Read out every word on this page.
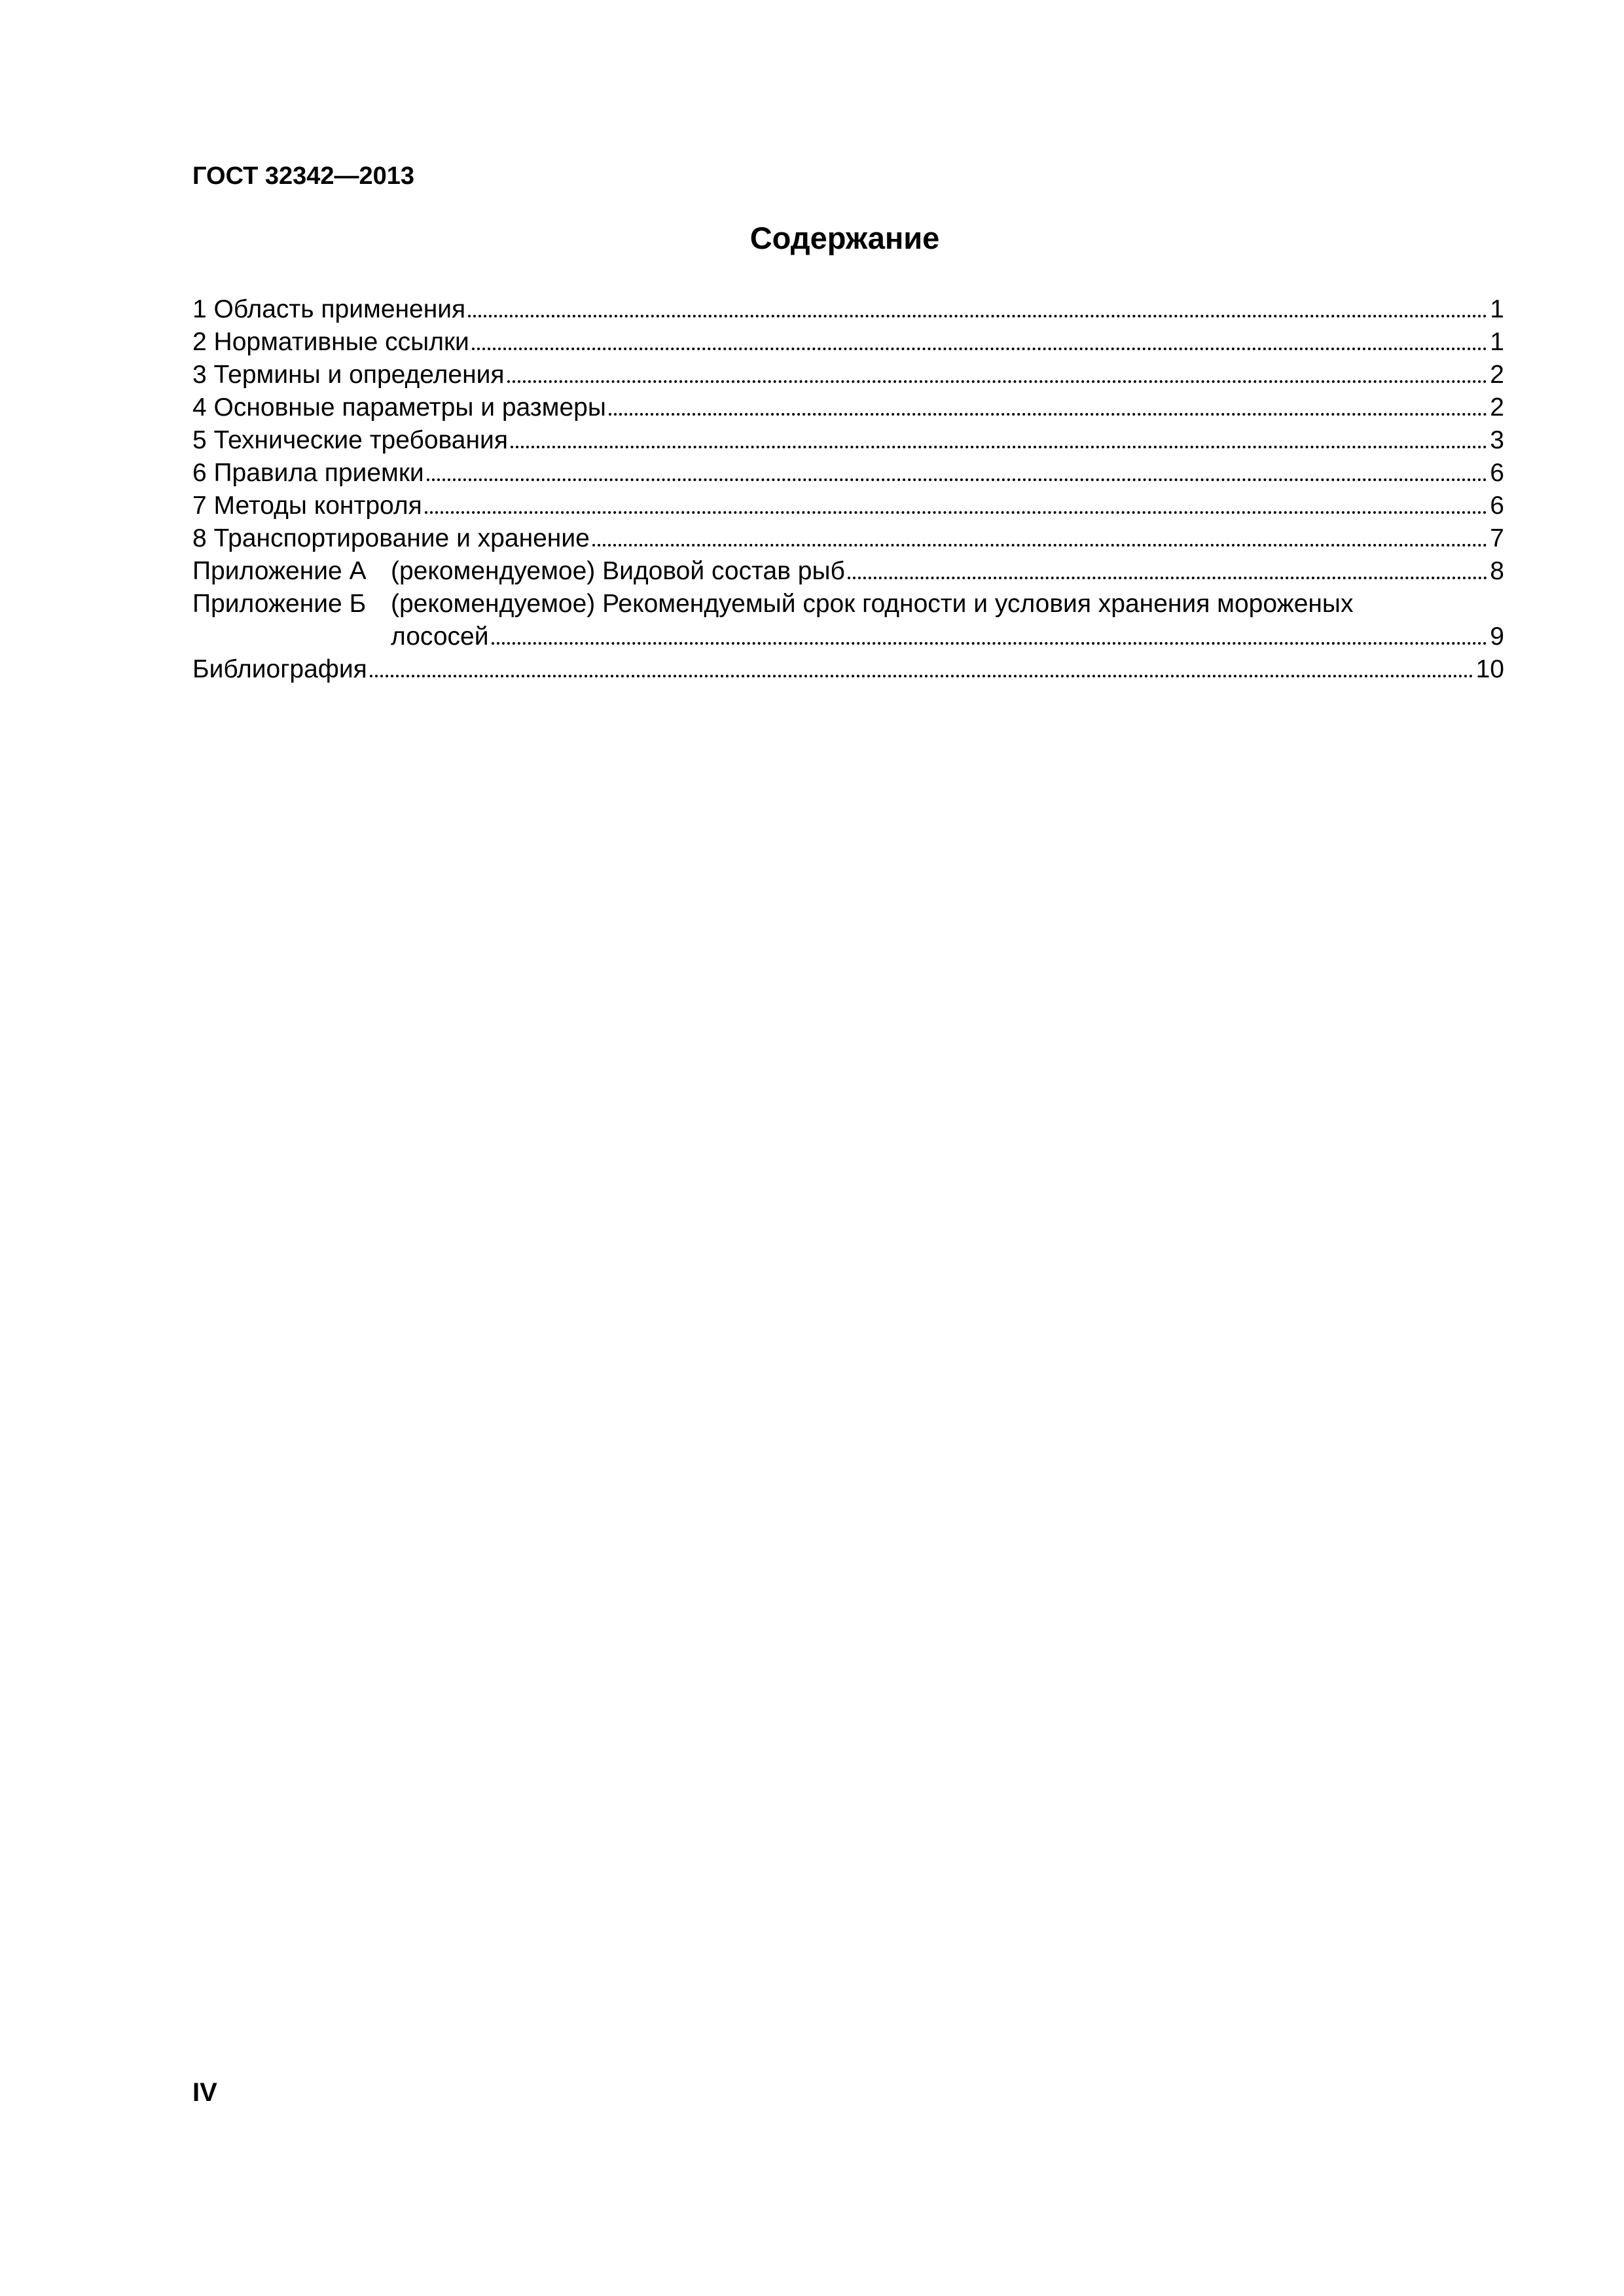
ГОСТ 32342—2013
Содержание
1 Область применения	1
2 Нормативные ссылки	1
3 Термины и определения	2
4 Основные параметры и размеры	2
5 Технические требования	3
6 Правила приемки	6
7 Методы контроля	6
8 Транспортирование и хранение	7
Приложение А (рекомендуемое) Видовой состав рыб	8
Приложение Б (рекомендуемое) Рекомендуемый срок годности и условия хранения мороженых
лососей	9
Библиография	10
IV
